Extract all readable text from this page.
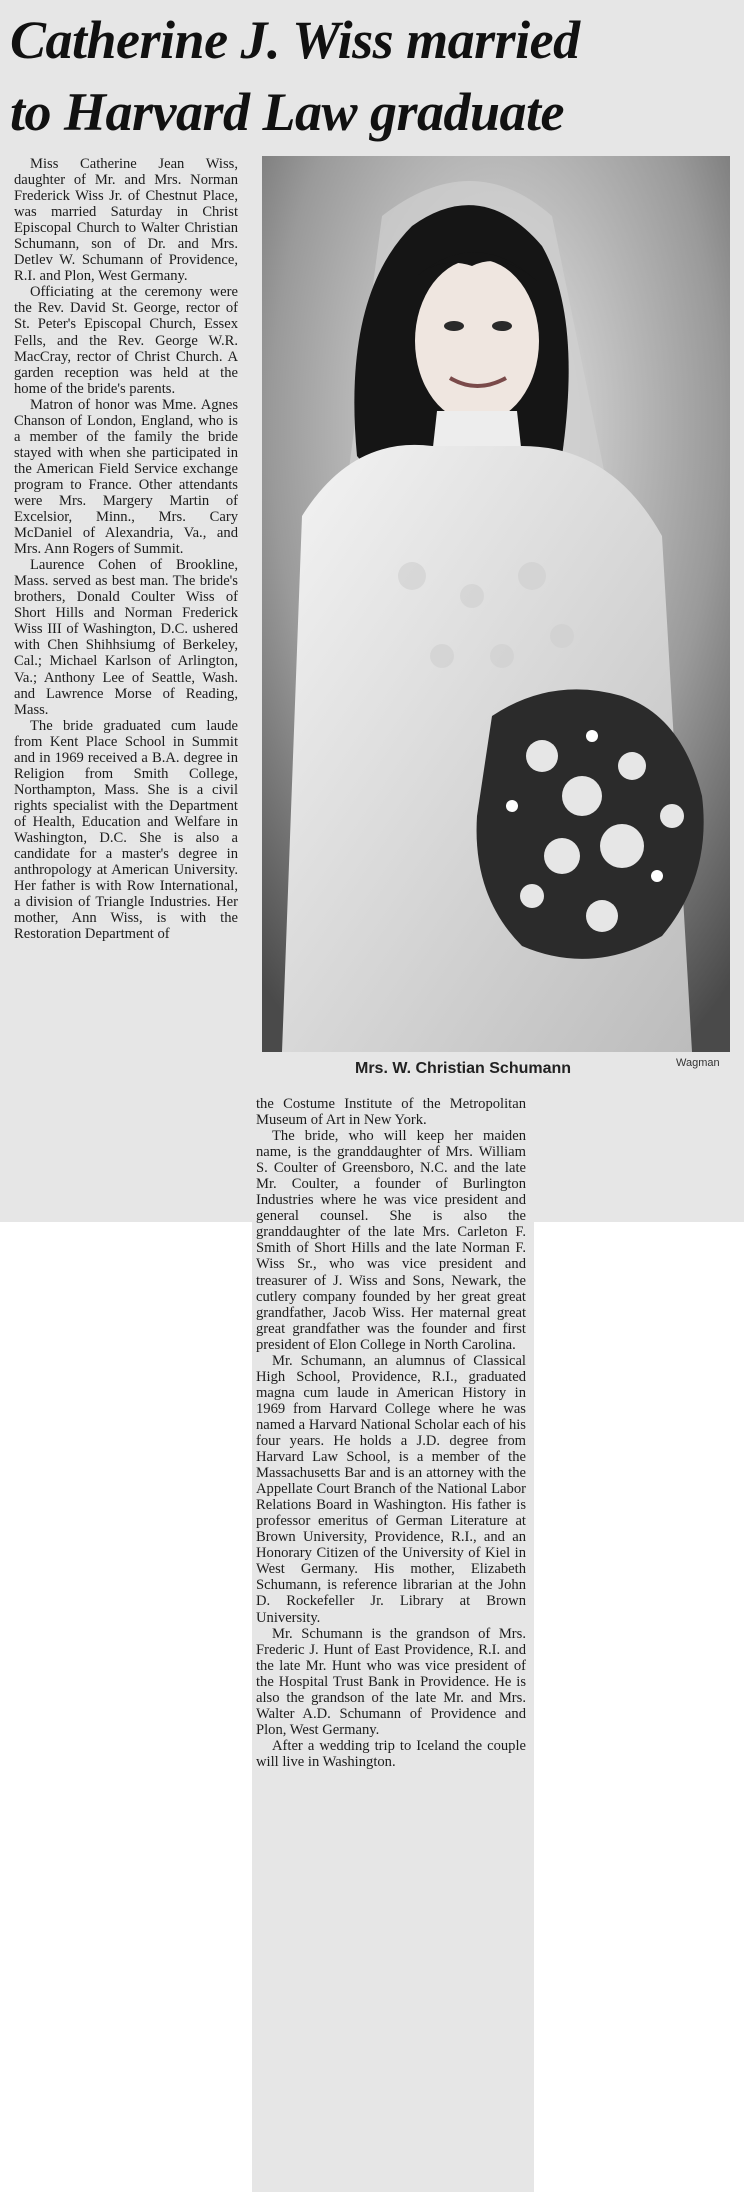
Catherine J. Wiss married
to Harvard Law graduate

Miss Catherine Jean Wiss, daughter of Mr. and Mrs. Norman Frederick Wiss Jr. of Chestnut Place, was married Saturday in Christ Episcopal Church to Walter Christian Schumann, son of Dr. and Mrs. Detlev W. Schumann of Providence, R.I. and Plon, West Germany.

Officiating at the ceremony were the Rev. David St. George, rector of St. Peter's Episcopal Church, Essex Fells, and the Rev. George W.R. MacCray, rector of Christ Church. A garden reception was held at the home of the bride's parents.

Matron of honor was Mme. Agnes Chanson of London, England, who is a member of the family the bride stayed with when she participated in the American Field Service exchange program to France. Other attendants were Mrs. Margery Martin of Excelsior, Minn., Mrs. Cary McDaniel of Alexandria, Va., and Mrs. Ann Rogers of Summit.

Laurence Cohen of Brookline, Mass. served as best man. The bride's brothers, Donald Coulter Wiss of Short Hills and Norman Frederick Wiss III of Washington, D.C. ushered with Chen Shihhsiumg of Berkeley, Cal.; Michael Karlson of Arlington, Va.; Anthony Lee of Seattle, Wash. and Lawrence Morse of Reading, Mass.

The bride graduated cum laude from Kent Place School in Summit and in 1969 received a B.A. degree in Religion from Smith College, Northampton, Mass. She is a civil rights specialist with the Department of Health, Education and Welfare in Washington, D.C. She is also a candidate for a master's degree in anthropology at American University. Her father is with Row International, a division of Triangle Industries. Her mother, Ann Wiss, is with the Restoration Department of

Mrs. W. Christian Schumann	Wagman

the Costume Institute of the Metropolitan Museum of Art in New York.

The bride, who will keep her maiden name, is the granddaughter of Mrs. William S. Coulter of Greensboro, N.C. and the late Mr. Coulter, a founder of Burlington Industries where he was vice president and general counsel. She is also the granddaughter of the late Mrs. Carleton F. Smith of Short Hills and the late Norman F. Wiss Sr., who was vice president and treasurer of J. Wiss and Sons, Newark, the cutlery company founded by her great great grandfather, Jacob Wiss. Her maternal great great grandfather was the founder and first president of Elon College in North Carolina.

Mr. Schumann, an alumnus of Classical High School, Providence, R.I., graduated magna cum laude in American History in 1969 from Harvard College where he was named a Harvard National Scholar each of his four years. He holds a J.D. degree from Harvard Law School, is a member of the Massachusetts Bar and is an attorney with the Appellate Court Branch of the National Labor Relations Board in Washington. His father is professor emeritus of German Literature at Brown University, Providence, R.I., and an Honorary Citizen of the University of Kiel in West Germany. His mother, Elizabeth Schumann, is reference librarian at the John D. Rockefeller Jr. Library at Brown University.

Mr. Schumann is the grandson of Mrs. Frederic J. Hunt of East Providence, R.I. and the late Mr. Hunt who was vice president of the Hospital Trust Bank in Providence. He is also the grandson of the late Mr. and Mrs. Walter A.D. Schumann of Providence and Plon, West Germany.

After a wedding trip to Iceland the couple will live in Washington.
